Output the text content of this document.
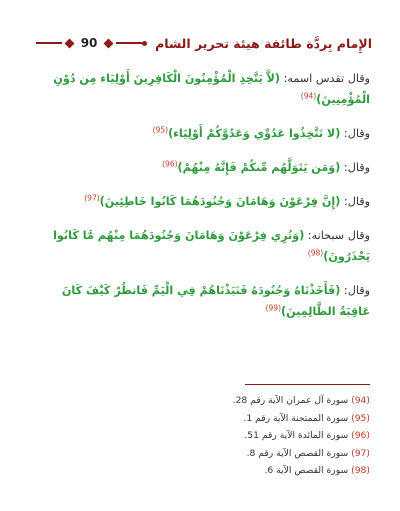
الإِمام بِردَّة طائفة هيئة تحرير الشام
90

وقال تقدس اسمه: (لاَّ يَتَّخِذِ الْمُؤْمِنُونَ الْكَافِرِينَ أَوْلِيَاء مِن دُوْنِ الْمُؤْمِنِينَ)$^{(94)}$

وقال: (لا تَتَّخِذُوا عَدُوِّي وَعَدُوَّكُمْ أَوْلِيَاء)$^{(95)}$

وقال: (وَمَن يَتَوَلَّهُم مِّنكُمْ فَإِنَّهُ مِنْهُمْ)$^{(96)}$

وقال: (إِنَّ فِرْعَوْنَ وَهَامَانَ وَجُنُودَهُمَا كَانُوا خَاطِئِينَ)$^{(97)}$

وقال سبحانه: (وَنُرِي فِرْعَوْنَ وَهَامَانَ وَجُنُودَهُمَا مِنْهُم مَّا كَانُوا يَحْذَرُونَ)$^{(98)}$

وقال: (فَأَخَذْنَاهُ وَجُنُودَهُ فَنَبَذْنَاهُمْ فِي الْيَمِّ فَانظُرْ كَيْفَ كَانَ عَاقِبَةُ الظَّالِمِينَ)$^{(99)}$

(94) سورة آل عمران الآية رقم 28.
(95) سورة الممتحنة الآية رقم 1.
(96) سورة المائدة الآية رقم 51.
(97) سورة القصص الآية رقم 8.
(98) سورة القصص الآية 6.
